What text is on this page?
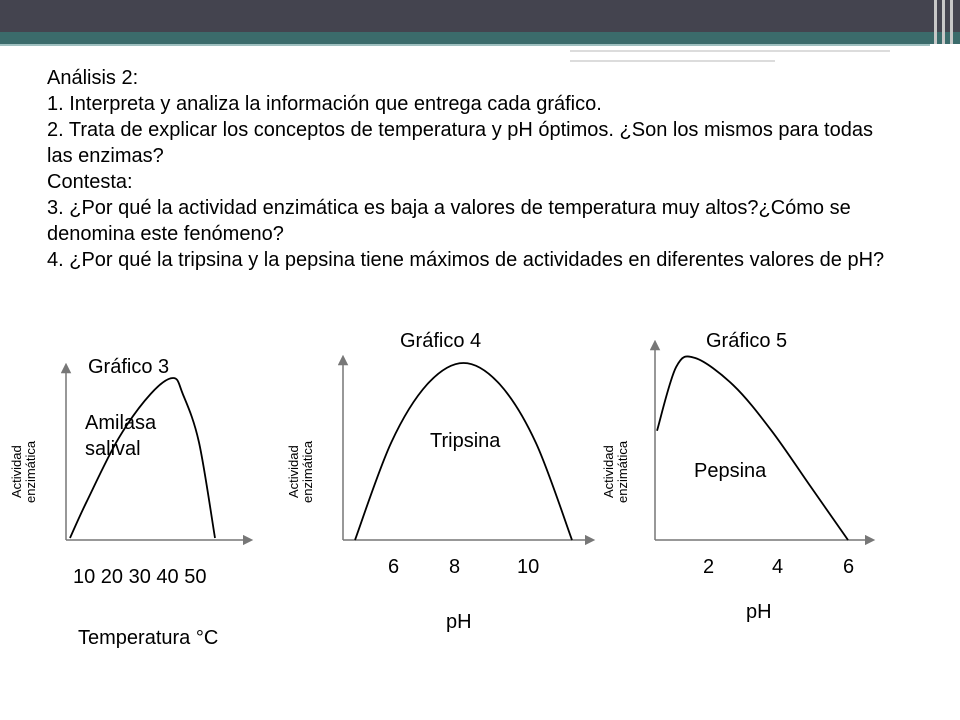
Análisis 2:

1. Interpreta y analiza la información que entrega cada gráfico.

2. Trata de explicar los conceptos de temperatura y pH óptimos. ¿Son los mismos para todas las enzimas?

Contesta:

3. ¿Por qué la actividad enzimática es baja a valores de temperatura muy altos?¿Cómo se denomina este fenómeno?

4. ¿Por qué la tripsina y la pepsina tiene máximos de actividades en diferentes valores de pH?

Gráfico 3
Amilasa salival
Actividad enzimática
10 20 30 40 50
Temperatura °C
Gráfico 4
Tripsina
Actividad enzimática
6 8	10
pH
Gráfico 5
Pepsina
Actividad enzimática
2	4	6
pH
